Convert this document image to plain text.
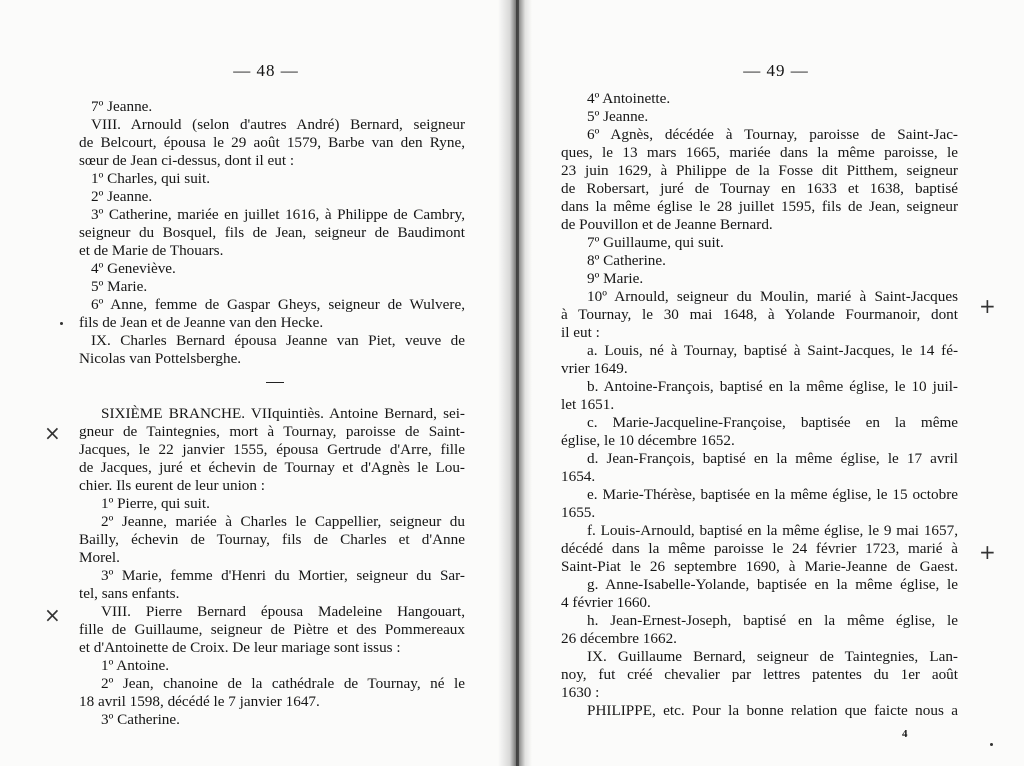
— 48 —
7º Jeanne.
VIII. Arnould (selon d'autres André) Bernard, seigneur
de Belcourt, épousa le 29 août 1579, Barbe van den Ryne,
sœur de Jean ci-dessus, dont il eut :
1º Charles, qui suit.
2º Jeanne.
3º Catherine, mariée en juillet 1616, à Philippe de Cambry,
seigneur du Bosquel, fils de Jean, seigneur de Baudimont
et de Marie de Thouars.
4º Geneviève.
5º Marie.
6º Anne, femme de Gaspar Gheys, seigneur de Wulvere,
fils de Jean et de Jeanne van den Hecke.
IX. Charles Bernard épousa Jeanne van Piet, veuve de
Nicolas van Pottelsberghe.
SIXIÈME BRANCHE. VIIquintiès. Antoine Bernard, sei-
gneur de Taintegnies, mort à Tournay, paroisse de Saint-
Jacques, le 22 janvier 1555, épousa Gertrude d'Arre, fille
de Jacques, juré et échevin de Tournay et d'Agnès le Lou-
chier. Ils eurent de leur union :
1º Pierre, qui suit.
2º Jeanne, mariée à Charles le Cappellier, seigneur du
Bailly, échevin de Tournay, fils de Charles et d'Anne
Morel.
3º Marie, femme d'Henri du Mortier, seigneur du Sar-
tel, sans enfants.
VIII. Pierre Bernard épousa Madeleine Hangouart,
fille de Guillaume, seigneur de Piètre et des Pommereaux
et d'Antoinette de Croix. De leur mariage sont issus :
1º Antoine.
2º Jean, chanoine de la cathédrale de Tournay, né le
18 avril 1598, décédé le 7 janvier 1647.
3º Catherine.
×
×
— 49 —
4º Antoinette.
5º Jeanne.
6º Agnès, décédée à Tournay, paroisse de Saint-Jac-
ques, le 13 mars 1665, mariée dans la même paroisse, le
23 juin 1629, à Philippe de la Fosse dit Pitthem, seigneur
de Robersart, juré de Tournay en 1633 et 1638, baptisé
dans la même église le 28 juillet 1595, fils de Jean, seigneur
de Pouvillon et de Jeanne Bernard.
7º Guillaume, qui suit.
8º Catherine.
9º Marie.
10º Arnould, seigneur du Moulin, marié à Saint-Jacques
à Tournay, le 30 mai 1648, à Yolande Fourmanoir, dont
il eut :
a. Louis, né à Tournay, baptisé à Saint-Jacques, le 14 fé-
vrier 1649.
b. Antoine-François, baptisé en la même église, le 10 juil-
let 1651.
c. Marie-Jacqueline-Françoise, baptisée en la même
église, le 10 décembre 1652.
d. Jean-François, baptisé en la même église, le 17 avril
1654.
e. Marie-Thérèse, baptisée en la même église, le 15 octobre
1655.
f. Louis-Arnould, baptisé en la même église, le 9 mai 1657,
décédé dans la même paroisse le 24 février 1723, marié à
Saint-Piat le 26 septembre 1690, à Marie-Jeanne de Gaest.
g. Anne-Isabelle-Yolande, baptisée en la même église, le
4 février 1660.
h. Jean-Ernest-Joseph, baptisé en la même église, le
26 décembre 1662.
IX. Guillaume Bernard, seigneur de Taintegnies, Lan-
noy, fut créé chevalier par lettres patentes du 1er août
1630 :
PHILIPPE, etc. Pour la bonne relation que faicte nous a
4
+
+
